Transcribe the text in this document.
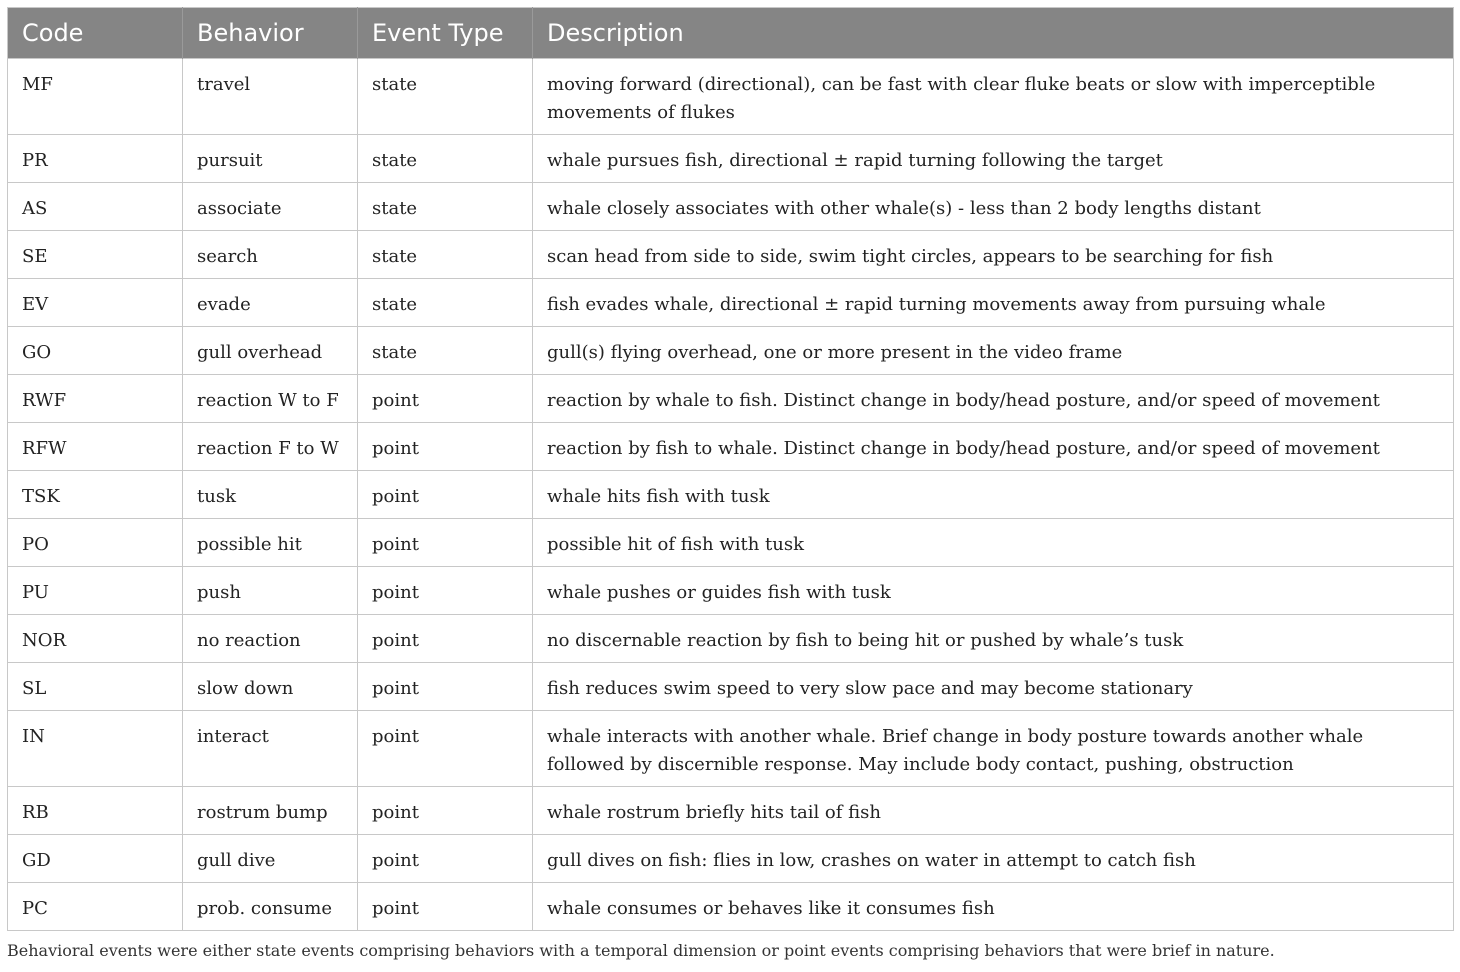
Code	Behavior	Event Type	Description
MF	travel	state	moving forward (directional), can be fast with clear fluke beats or slow with imperceptible movements of flukes
PR	pursuit	state	whale pursues fish, directional ± rapid turning following the target
AS	associate	state	whale closely associates with other whale(s) - less than 2 body lengths distant
SE	search	state	scan head from side to side, swim tight circles, appears to be searching for fish
EV	evade	state	fish evades whale, directional ± rapid turning movements away from pursuing whale
GO	gull overhead	state	gull(s) flying overhead, one or more present in the video frame
RWF	reaction W to F	point	reaction by whale to fish. Distinct change in body/head posture, and/or speed of movement
RFW	reaction F to W	point	reaction by fish to whale. Distinct change in body/head posture, and/or speed of movement
TSK	tusk	point	whale hits fish with tusk
PO	possible hit	point	possible hit of fish with tusk
PU	push	point	whale pushes or guides fish with tusk
NOR	no reaction	point	no discernable reaction by fish to being hit or pushed by whale’s tusk
SL	slow down	point	fish reduces swim speed to very slow pace and may become stationary
IN	interact	point	whale interacts with another whale. Brief change in body posture towards another whale followed by discernible response. May include body contact, pushing, obstruction
RB	rostrum bump	point	whale rostrum briefly hits tail of fish
GD	gull dive	point	gull dives on fish: flies in low, crashes on water in attempt to catch fish
PC	prob. consume	point	whale consumes or behaves like it consumes fish
Behavioral events were either state events comprising behaviors with a temporal dimension or point events comprising behaviors that were brief in nature.
